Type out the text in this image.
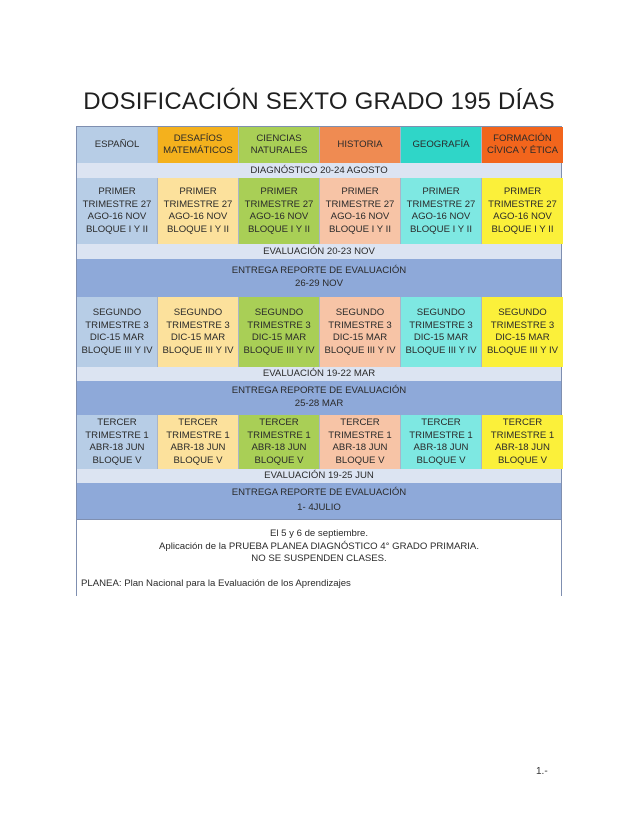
DOSIFICACIÓN SEXTO GRADO 195 DÍAS
ESPAÑOL
DESAFÍOS MATEMÁTICOS
CIENCIAS NATURALES
HISTORIA	GEOGRAFÍA
FORMACIÓN CÍVICA Y ÉTICA
DIAGNÓSTICO 20-24 AGOSTO
PRIMER TRIMESTRE 27 AGO-16 NOV BLOQUE I Y II
PRIMER TRIMESTRE 27 AGO-16 NOV BLOQUE I Y II
PRIMER TRIMESTRE 27 AGO-16 NOV BLOQUE I Y II
PRIMER TRIMESTRE 27 AGO-16 NOV BLOQUE I Y II
PRIMER TRIMESTRE 27 AGO-16 NOV BLOQUE I Y II
PRIMER TRIMESTRE 27 AGO-16 NOV BLOQUE I Y II
EVALUACIÓN 20-23 NOV
ENTREGA REPORTE DE EVALUACIÓN
26-29 NOV
SEGUNDO TRIMESTRE 3 DIC-15 MAR BLOQUE III Y IV
SEGUNDO TRIMESTRE 3 DIC-15 MAR BLOQUE III Y IV
SEGUNDO TRIMESTRE 3 DIC-15 MAR BLOQUE III Y IV
SEGUNDO TRIMESTRE 3 DIC-15 MAR BLOQUE III Y IV
SEGUNDO TRIMESTRE 3 DIC-15 MAR BLOQUE III Y IV
SEGUNDO TRIMESTRE 3 DIC-15 MAR BLOQUE III Y IV
EVALUACIÓN 19-22 MAR
ENTREGA REPORTE DE EVALUACIÓN
25-28 MAR
TERCER TRIMESTRE 1 ABR-18 JUN BLOQUE V
TERCER TRIMESTRE 1 ABR-18 JUN BLOQUE V
TERCER TRIMESTRE 1 ABR-18 JUN BLOQUE V
TERCER TRIMESTRE 1 ABR-18 JUN BLOQUE V
TERCER TRIMESTRE 1 ABR-18 JUN BLOQUE V
TERCER TRIMESTRE 1 ABR-18 JUN BLOQUE V
EVALUACIÓN 19-25 JUN
ENTREGA REPORTE DE EVALUACIÓN
1- 4JULIO
El 5 y 6 de septiembre.
Aplicación de la PRUEBA PLANEA DIAGNÓSTICO 4° GRADO PRIMARIA.
NO SE SUSPENDEN CLASES.
PLANEA: Plan Nacional para la Evaluación de los Aprendizajes
1.-
